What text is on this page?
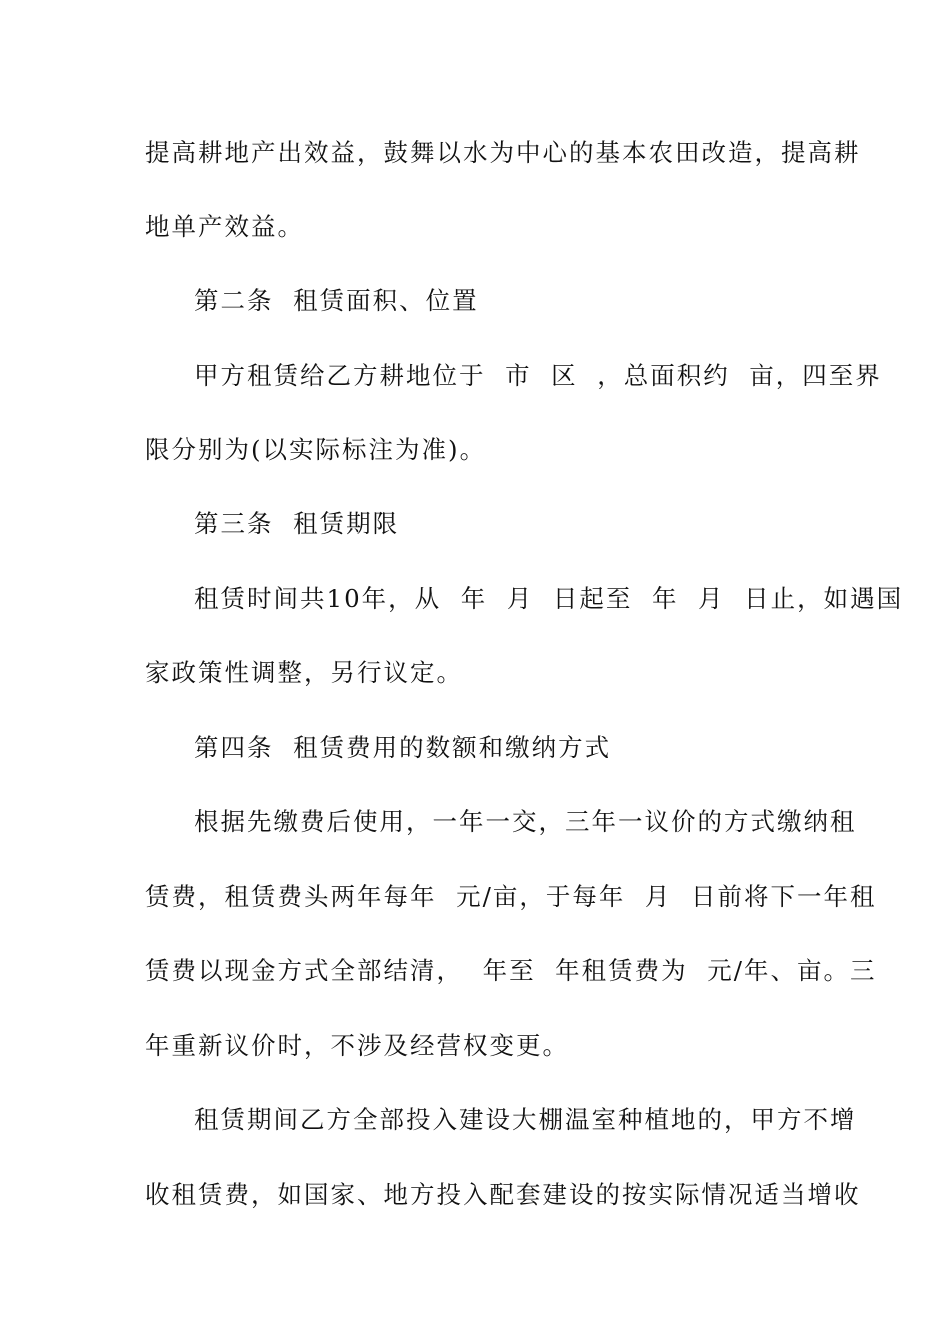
提高耕地产出效益，鼓舞以水为中心的基本农田改造，提高耕
地单产效益。
第二条  租赁面积、位置
甲方租赁给乙方耕地位于  市  区  ，总面积约  亩，四至界
限分别为(以实际标注为准)。
第三条  租赁期限
租赁时间共10年，从  年  月  日起至  年  月  日止，如遇国
家政策性调整，另行议定。
第四条  租赁费用的数额和缴纳方式
根据先缴费后使用，一年一交，三年一议价的方式缴纳租
赁费，租赁费头两年每年  元/亩，于每年  月  日前将下一年租
赁费以现金方式全部结清，  年至  年租赁费为  元/年、亩。三
年重新议价时，不涉及经营权变更。
租赁期间乙方全部投入建设大棚温室种植地的，甲方不增
收租赁费，如国家、地方投入配套建设的按实际情况适当增收
